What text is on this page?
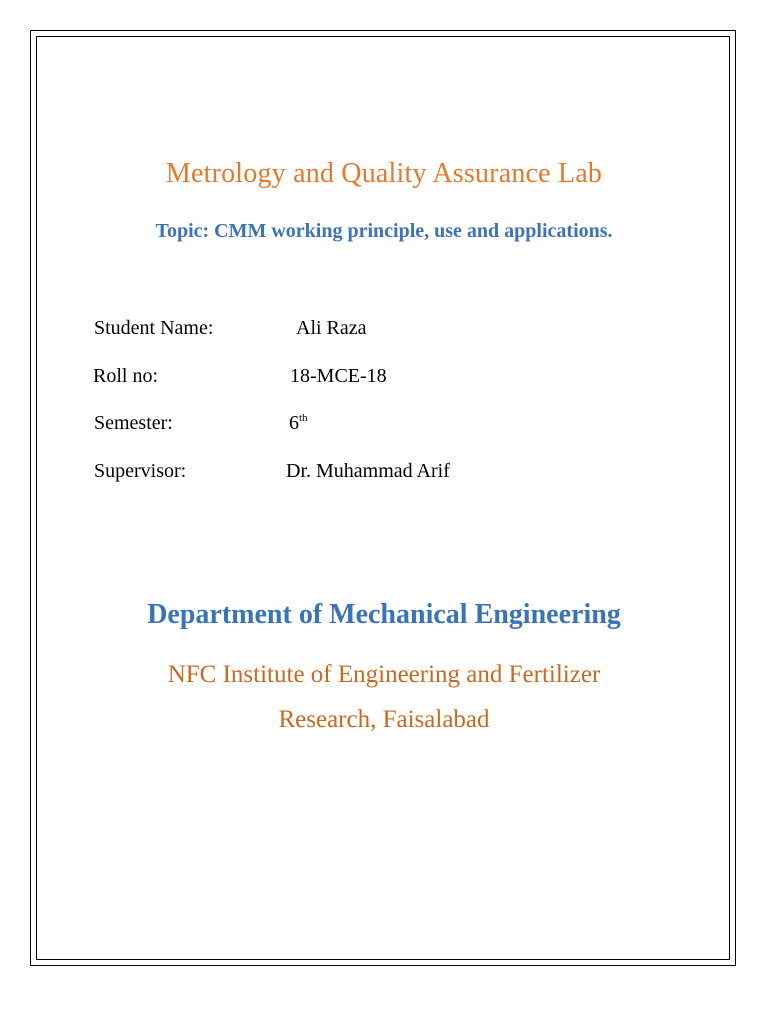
Metrology and Quality Assurance Lab
Topic: CMM working principle, use and applications.
Student Name:	Ali Raza
Roll no:	18-MCE-18
Semester:	6th
Supervisor:	Dr. Muhammad Arif
Department of Mechanical Engineering
NFC Institute of Engineering and Fertilizer
Research, Faisalabad
